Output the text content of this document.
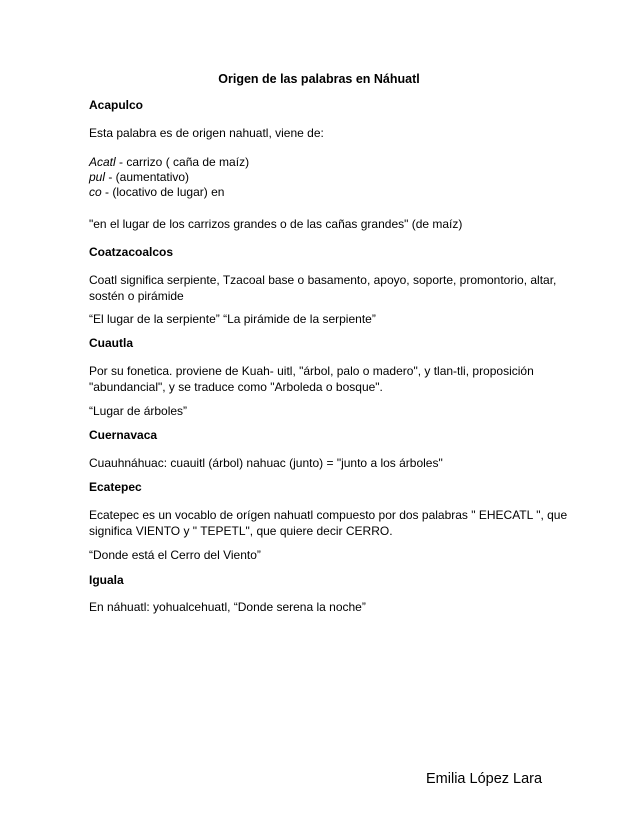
Origen de las palabras en Náhuatl
Acapulco
Esta palabra es de origen nahuatl, viene de:
Acatl - carrizo ( caña de maíz)
pul - (aumentativo)
co - (locativo de lugar) en
"en el lugar de los carrizos grandes o de las cañas grandes" (de maíz)
Coatzacoalcos
Coatl significa serpiente, Tzacoal base o basamento, apoyo, soporte, promontorio, altar,
sostén o pirámide
“El lugar de la serpiente” “La pirámide de la serpiente”
Cuautla
Por su fonetica. proviene de Kuah- uitl, "árbol, palo o madero", y tlan-tli, proposición
"abundancial", y se traduce como "Arboleda o bosque".
“Lugar de árboles”
Cuernavaca
Cuauhnáhuac: cuauitl (árbol) nahuac (junto) = "junto a los árboles"
Ecatepec
Ecatepec es un vocablo de orígen nahuatl compuesto por dos palabras " EHECATL ", que
significa VIENTO y " TEPETL", que quiere decir CERRO.
“Donde está el Cerro del Viento”
Iguala
En náhuatl: yohualcehuatl, “Donde serena la noche”
Emilia López Lara
